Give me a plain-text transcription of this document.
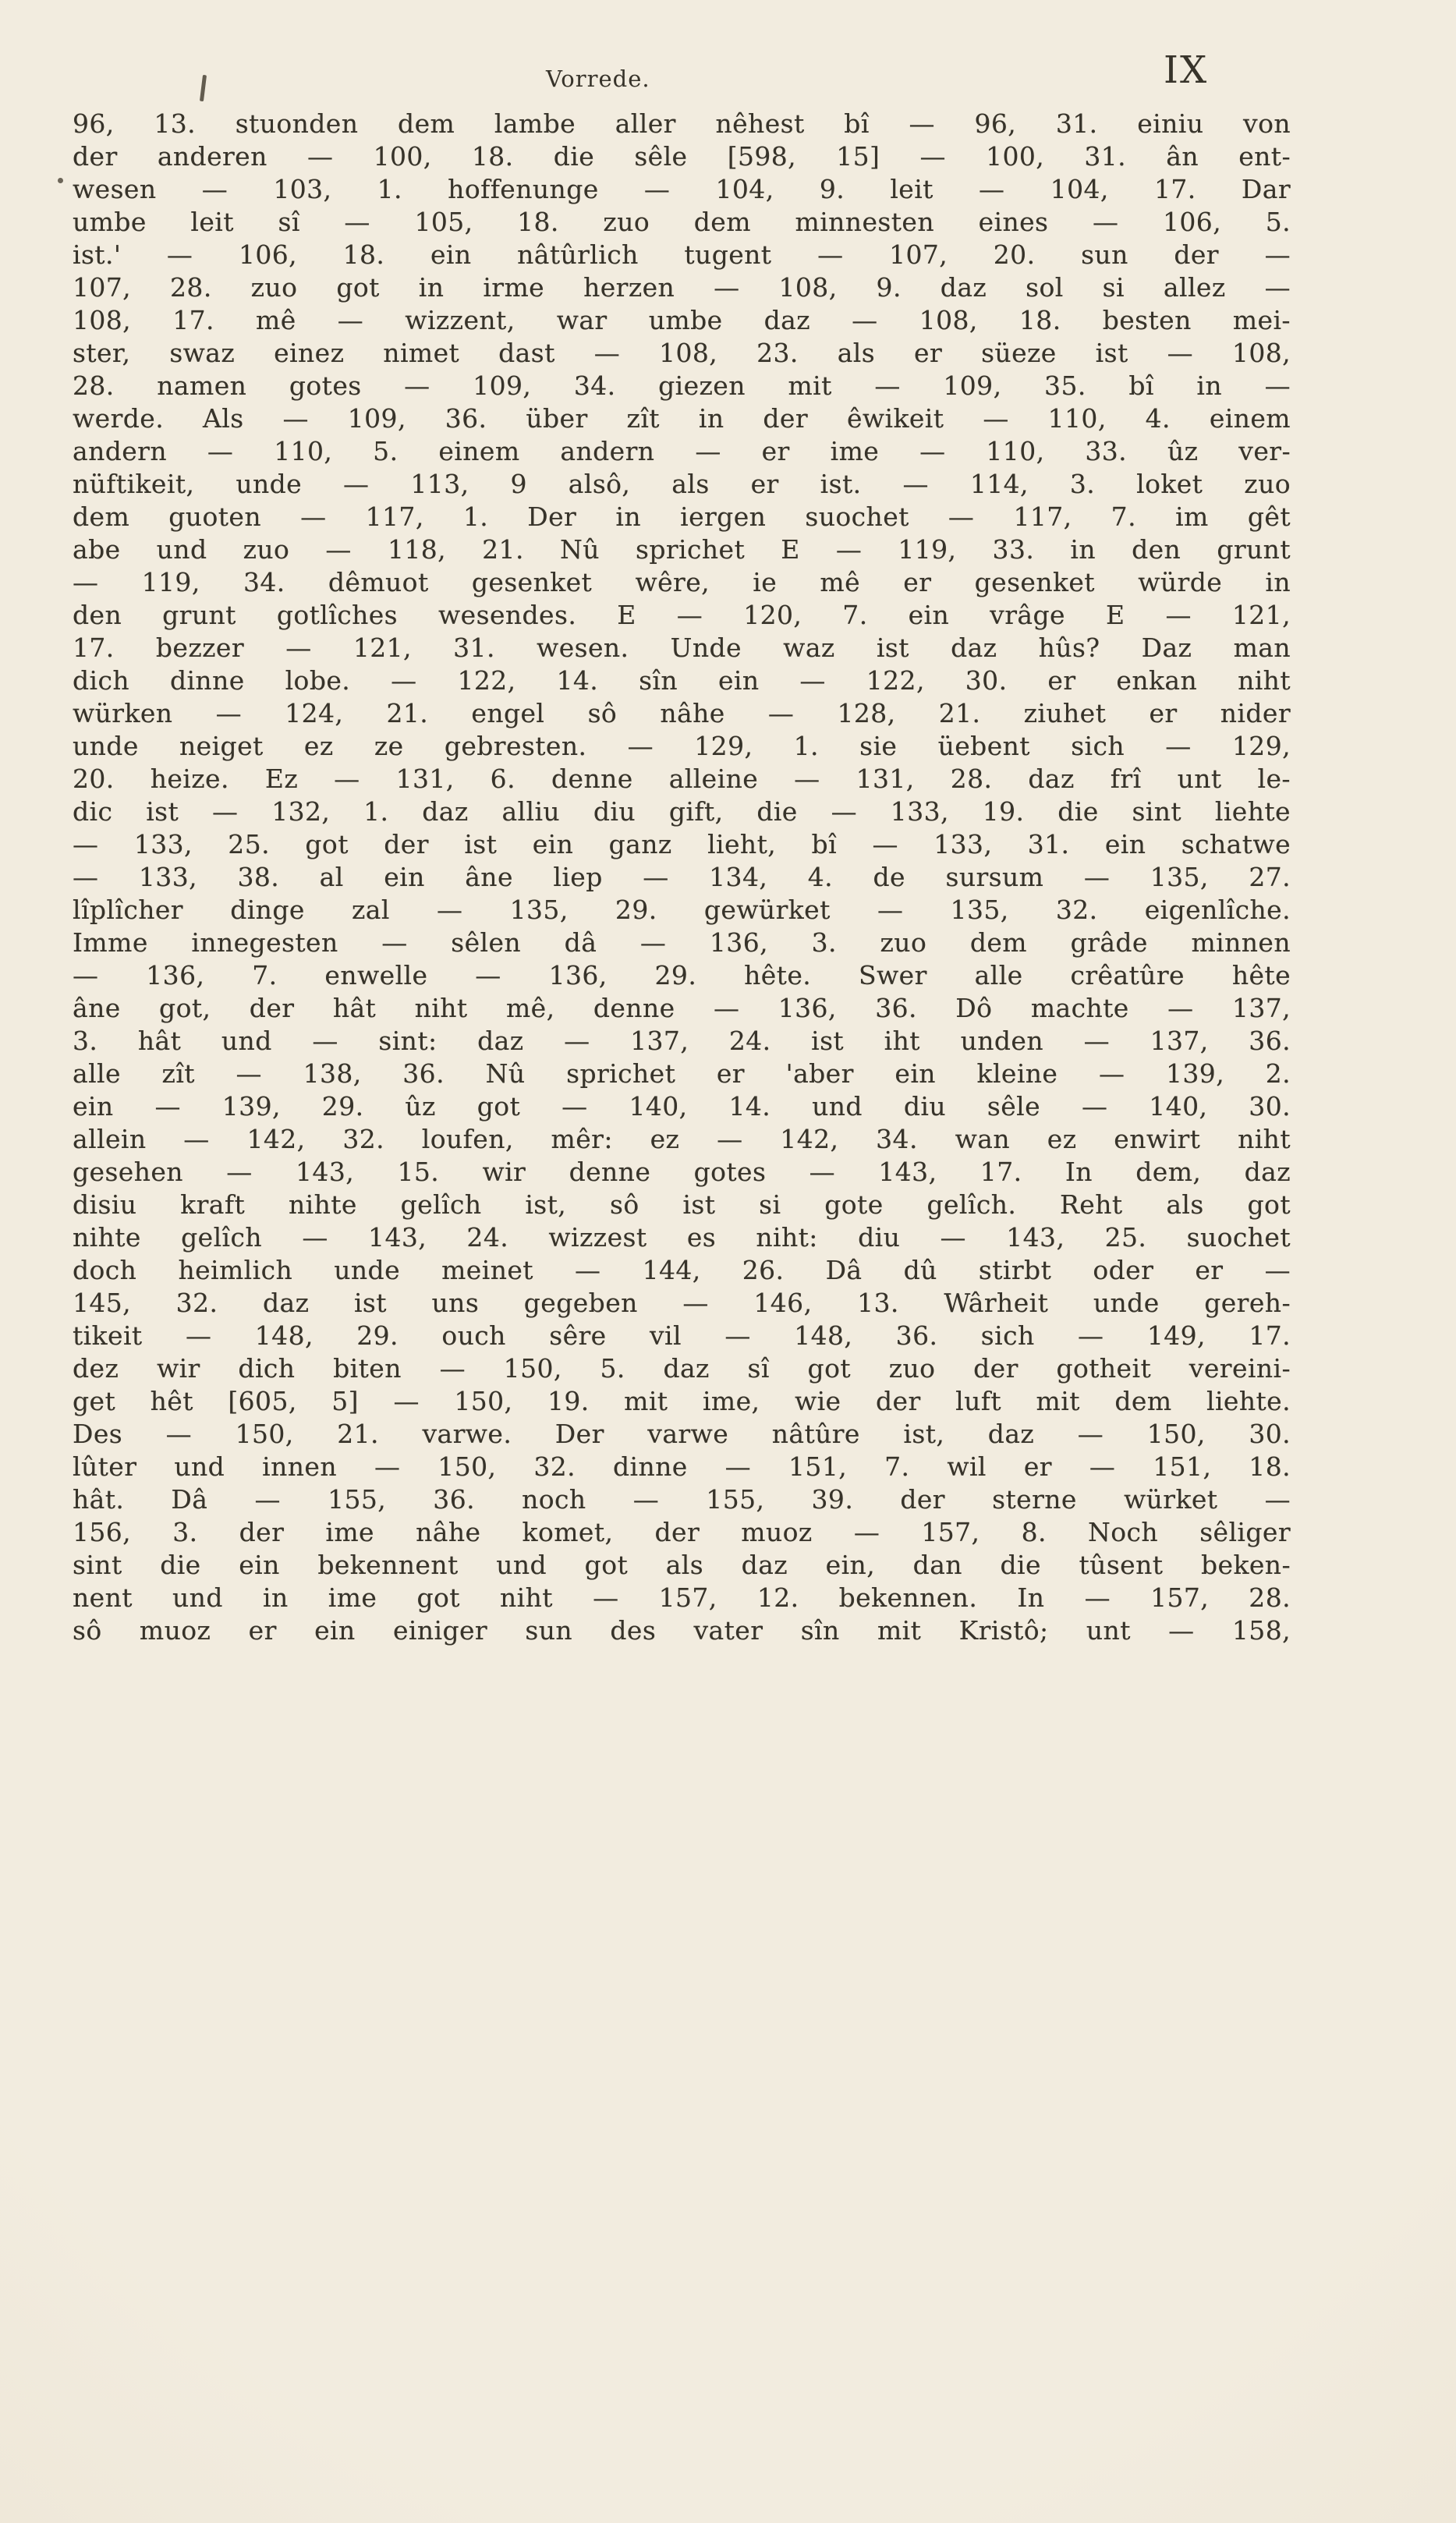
Vorrede.	IX
96, 13. stuonden dem lambe aller nêhest bî — 96, 31. einiu von
der anderen — 100, 18. die sêle [598, 15] — 100, 31. ân ent-
wesen — 103, 1. hoffenunge — 104, 9. leit — 104, 17. Dar
umbe leit sî — 105, 18. zuo dem minnesten eines — 106, 5.
ist.' — 106, 18. ein nâtûrlich tugent — 107, 20. sun der —
107, 28. zuo got in irme herzen — 108, 9. daz sol si allez —
108, 17. mê — wizzent, war umbe daz — 108, 18. besten mei-
ster, swaz einez nimet dast — 108, 23. als er süeze ist — 108,
28. namen gotes — 109, 34. giezen mit — 109, 35. bî in —
werde. Als — 109, 36. über zît in der êwikeit — 110, 4. einem
andern — 110, 5. einem andern — er ime — 110, 33. ûz ver-
nüftikeit, unde — 113, 9 alsô, als er ist. — 114, 3. loket zuo
dem guoten — 117, 1. Der in iergen suochet — 117, 7. im gêt
abe und zuo — 118, 21. Nû sprichet E — 119, 33. in den grunt
— 119, 34. dêmuot gesenket wêre, ie mê er gesenket würde in
den grunt gotlîches wesendes. E — 120, 7. ein vrâge E — 121,
17. bezzer — 121, 31. wesen. Unde waz ist daz hûs? Daz man
dich dinne lobe. — 122, 14. sîn ein — 122, 30. er enkan niht
würken — 124, 21. engel sô nâhe — 128, 21. ziuhet er nider
unde neiget ez ze gebresten. — 129, 1. sie üebent sich — 129,
20. heize. Ez — 131, 6. denne alleine — 131, 28. daz frî unt le-
dic ist — 132, 1. daz alliu diu gift, die — 133, 19. die sint liehte
— 133, 25. got der ist ein ganz lieht, bî — 133, 31. ein schatwe
— 133, 38. al ein âne liep — 134, 4. de sursum — 135, 27.
lîplîcher dinge zal — 135, 29. gewürket — 135, 32. eigenlîche.
Imme innegesten — sêlen dâ — 136, 3. zuo dem grâde minnen
— 136, 7. enwelle — 136, 29. hête. Swer alle crêatûre hête
âne got, der hât niht mê, denne — 136, 36. Dô machte — 137,
3. hât und — sint: daz — 137, 24. ist iht unden — 137, 36.
alle zît — 138, 36. Nû sprichet er 'aber ein kleine — 139, 2.
ein — 139, 29. ûz got — 140, 14. und diu sêle — 140, 30.
allein — 142, 32. loufen, mêr: ez — 142, 34. wan ez enwirt niht
gesehen — 143, 15. wir denne gotes — 143, 17. In dem, daz
disiu kraft nihte gelîch ist, sô ist si gote gelîch. Reht als got
nihte gelîch — 143, 24. wizzest es niht: diu — 143, 25. suochet
doch heimlich unde meinet — 144, 26. Dâ dû stirbt oder er —
145, 32. daz ist uns gegeben — 146, 13. Wârheit unde gereh-
tikeit — 148, 29. ouch sêre vil — 148, 36. sich — 149, 17.
dez wir dich biten — 150, 5. daz sî got zuo der gotheit vereini-
get hêt [605, 5] — 150, 19. mit ime, wie der luft mit dem liehte.
Des — 150, 21. varwe. Der varwe nâtûre ist, daz — 150, 30.
lûter und innen — 150, 32. dinne — 151, 7. wil er — 151, 18.
hât. Dâ — 155, 36. noch — 155, 39. der sterne würket —
156, 3. der ime nâhe komet, der muoz — 157, 8. Noch sêliger
sint die ein bekennent und got als daz ein, dan die tûsent beken-
nent und in ime got niht — 157, 12. bekennen. In — 157, 28.
sô muoz er ein einiger sun des vater sîn mit Kristô; unt — 158,
